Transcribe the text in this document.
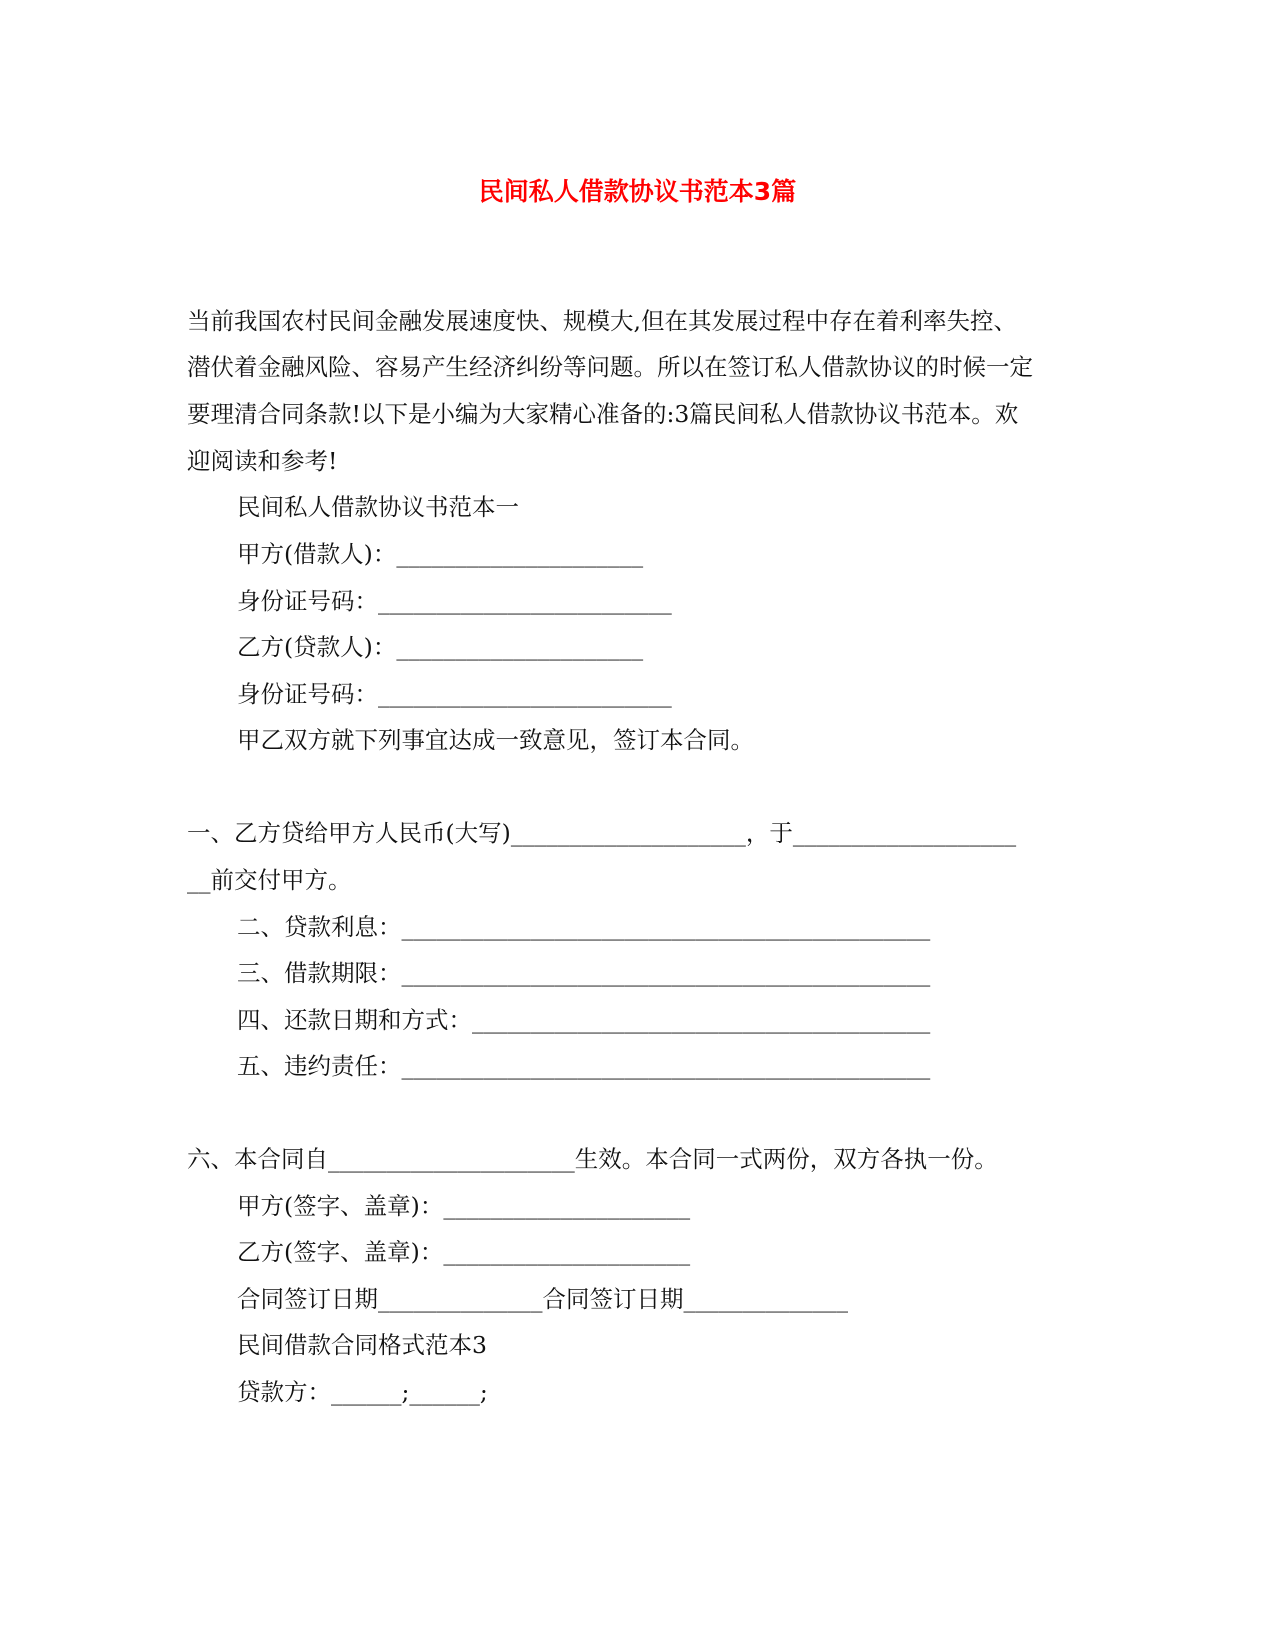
民间私人借款协议书范本3篇
当前我国农村民间金融发展速度快、规模大,但在其发展过程中存在着利率失控、
潜伏着金融风险、容易产生经济纠纷等问题。所以在签订私人借款协议的时候一定
要理清合同条款!以下是小编为大家精心准备的:3篇民间私人借款协议书范本。欢
迎阅读和参考!
民间私人借款协议书范本一
甲方(借款人)：_____________________
身份证号码：_________________________
乙方(贷款人)：_____________________
身份证号码：_________________________
甲乙双方就下列事宜达成一致意见，签订本合同。
一、乙方贷给甲方人民币(大写)____________________，于___________________
__前交付甲方。
二、贷款利息：_____________________________________________
三、借款期限：_____________________________________________
四、还款日期和方式：_______________________________________
五、违约责任：_____________________________________________
六、本合同自_____________________生效。本合同一式两份，双方各执一份。
甲方(签字、盖章)：_____________________
乙方(签字、盖章)：_____________________
合同签订日期______________合同签订日期______________
民间借款合同格式范本3
贷款方：______;______;
